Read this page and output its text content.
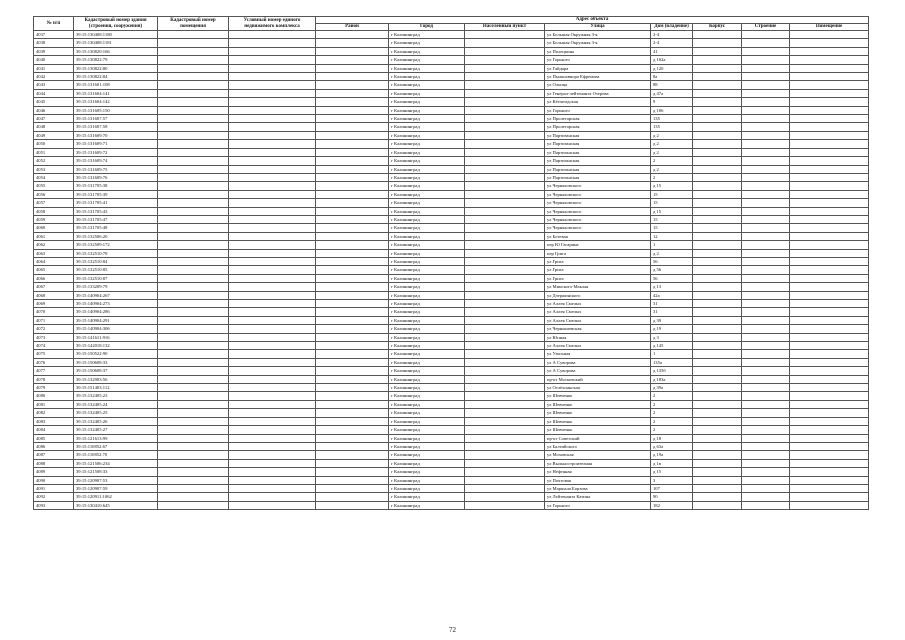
№ п/п	Кадастровый номер здания (строения, сооружения)	Кадастровый номер помещения	Условный номер единого недвижимого комплекса	Адрес объекта							
				Район	Город	Населенный пункт	Улица	Дом (владение)	Корпус	Строение	Помещение
4037	39:15:130408:1180				г Калининград		ул Большая Окружная 3-я	2-4			
4038	39:15:130408:1181				г Калининград		ул Большая Окружная 3-я	2-4			
4039	39:15:130820:166				г Калининград		ул Полецкина	41			
4040	39:15:130822:79				г Калининград		ул Горького	д 162а			
4041	39:15:130822:80				г Калининград		ул Гайдара	д 120			
4042	39:15:130822:84				г Калининград		ул Пылкоавиора Ефремова	8а			
4043	39:15:131601:108				г Калининград		ул Ольица	88			
4044	39:15:131604:141				г Калининград		ул Генерал-лейтенанта Озерова	д 47а			
4045	39:15:131604:142				г Калининград		ул Кёгштадская	9			
4046	39:15:131605:150				г Калининград		ул Горького	д 106			
4047	39:15:131607:57				г Калининград		ул Пролетарская	135			
4048	39:15:131607:58				г Калининград		ул Пролетарская	135			
4049	39:15:131609:70				г Калининград		ул Партизанская	д 2			
4050	39:15:131609:71				г Калининград		ул Партизанская	д 2			
4051	39:15:131609:72				г Калининград		ул Партизанская	д 2			
4052	39:15:131609:74				г Калининград		ул Партизанская	2			
4053	39:15:131609:75				г Калининград		ул Партизанская	д 2			
4054	39:15:131609:76				г Калининград		ул Партизанская	2			
4055	39:15:131705:38				г Калининград		ул Черняховского	д 15			
4056	39:15:131705:39				г Калининград		ул Черняховского	15			
4057	39:15:131705:41				г Калининград		ул Черняховского	15			
4058	39:15:131705:43				г Калининград		ул Черняховского	д 15			
4059	39:15:131705:47				г Калининград		ул Черняховского	15			
4060	39:15:131705:48				г Калининград		ул Черняховского	15			
4061	39:15:132506:20				г Калининград		ул Ботевая	12			
4062	39:15:132509:172				г Калининград		пер Ю Гагарина	1			
4063	39:15:132510:78				г Калининград		пер Грига	д 2			
4064	39:15:132510:84				г Калининград		ул Грига	56			
4065	39:15:132510:85				г Калининград		ул Грига	д 56			
4066	39:15:132510:87				г Калининград		ул Грига	56			
4067	39:15:133209:79				г Калининград		ул Минского-Маклая	д 13			
4068	39:15:140904:267				г Калининград		ул Дзержинского	42а			
4069	39:15:140904:273				г Калининград		ул Аллея Смелых	31			
4070	39:15:140904:286				г Калининград		ул Аллея Смелых	31			
4071	39:15:140904:291				г Калининград		ул Аллея Смелых	д 39			
4072	39:15:140904:306				г Калининград		ул Чернышевская	д 19			
4073	39:15:141611:916				г Калининград		ул Юпная	д 3			
4074	39:15:142018:132				г Калининград		ул Аллея Смелых	д 145			
4075	39:15:150522:90				г Калининград		ул Узкоьная	1			
4076	39:15:150608:33				г Калининград		ул А Суворова	135а			
4077	39:15:150608:37				г Калининград		ул А Суворова	д 135б			
4078	39:15:132903:56				г Калининград		пр-кт Московский	д 183а			
4079	39:15:151403:112				г Калининград		ул Отлёхоннская	д 39а			
4080	39:15:132405:23				г Калининград		ул Шевченко	2			
4081	39:15:132405:24				г Калининград		ул Шевченко	2			
4082	39:15:132405:25				г Калининград		ул Шевченко	2			
4083	39:15:132405:26				г Калининград		ул Шевченко	2			
4084	39:15:132405:27				г Калининград		ул Шевченко	2			
4085	39:15:121613:99				г Калининград		пр-кт Советский	д 18			
4086	39:15:110852:67				г Калининград		ул Балтийского	д 63а			
4087	39:15:110852:70				г Калининград		ул Моховская	д 19а			
4088	39:15:121506:234				г Калининград		ул Выльностроителная	д 1в			
4089	39:15:121508:33				г Калининград		ул Нефтяная	д 15			
4090	39:15:120907:53				г Калининград		ул Почтовая	3			
4091	39:15:120907:59				г Калининград		ул Маршала Борзова	107			
4092	39:15:120911:1062				г Калининград		ул Лейтенанта Катина	90			
4093	39:15:130410:645				г Калининград		ул Горького	182			
72
